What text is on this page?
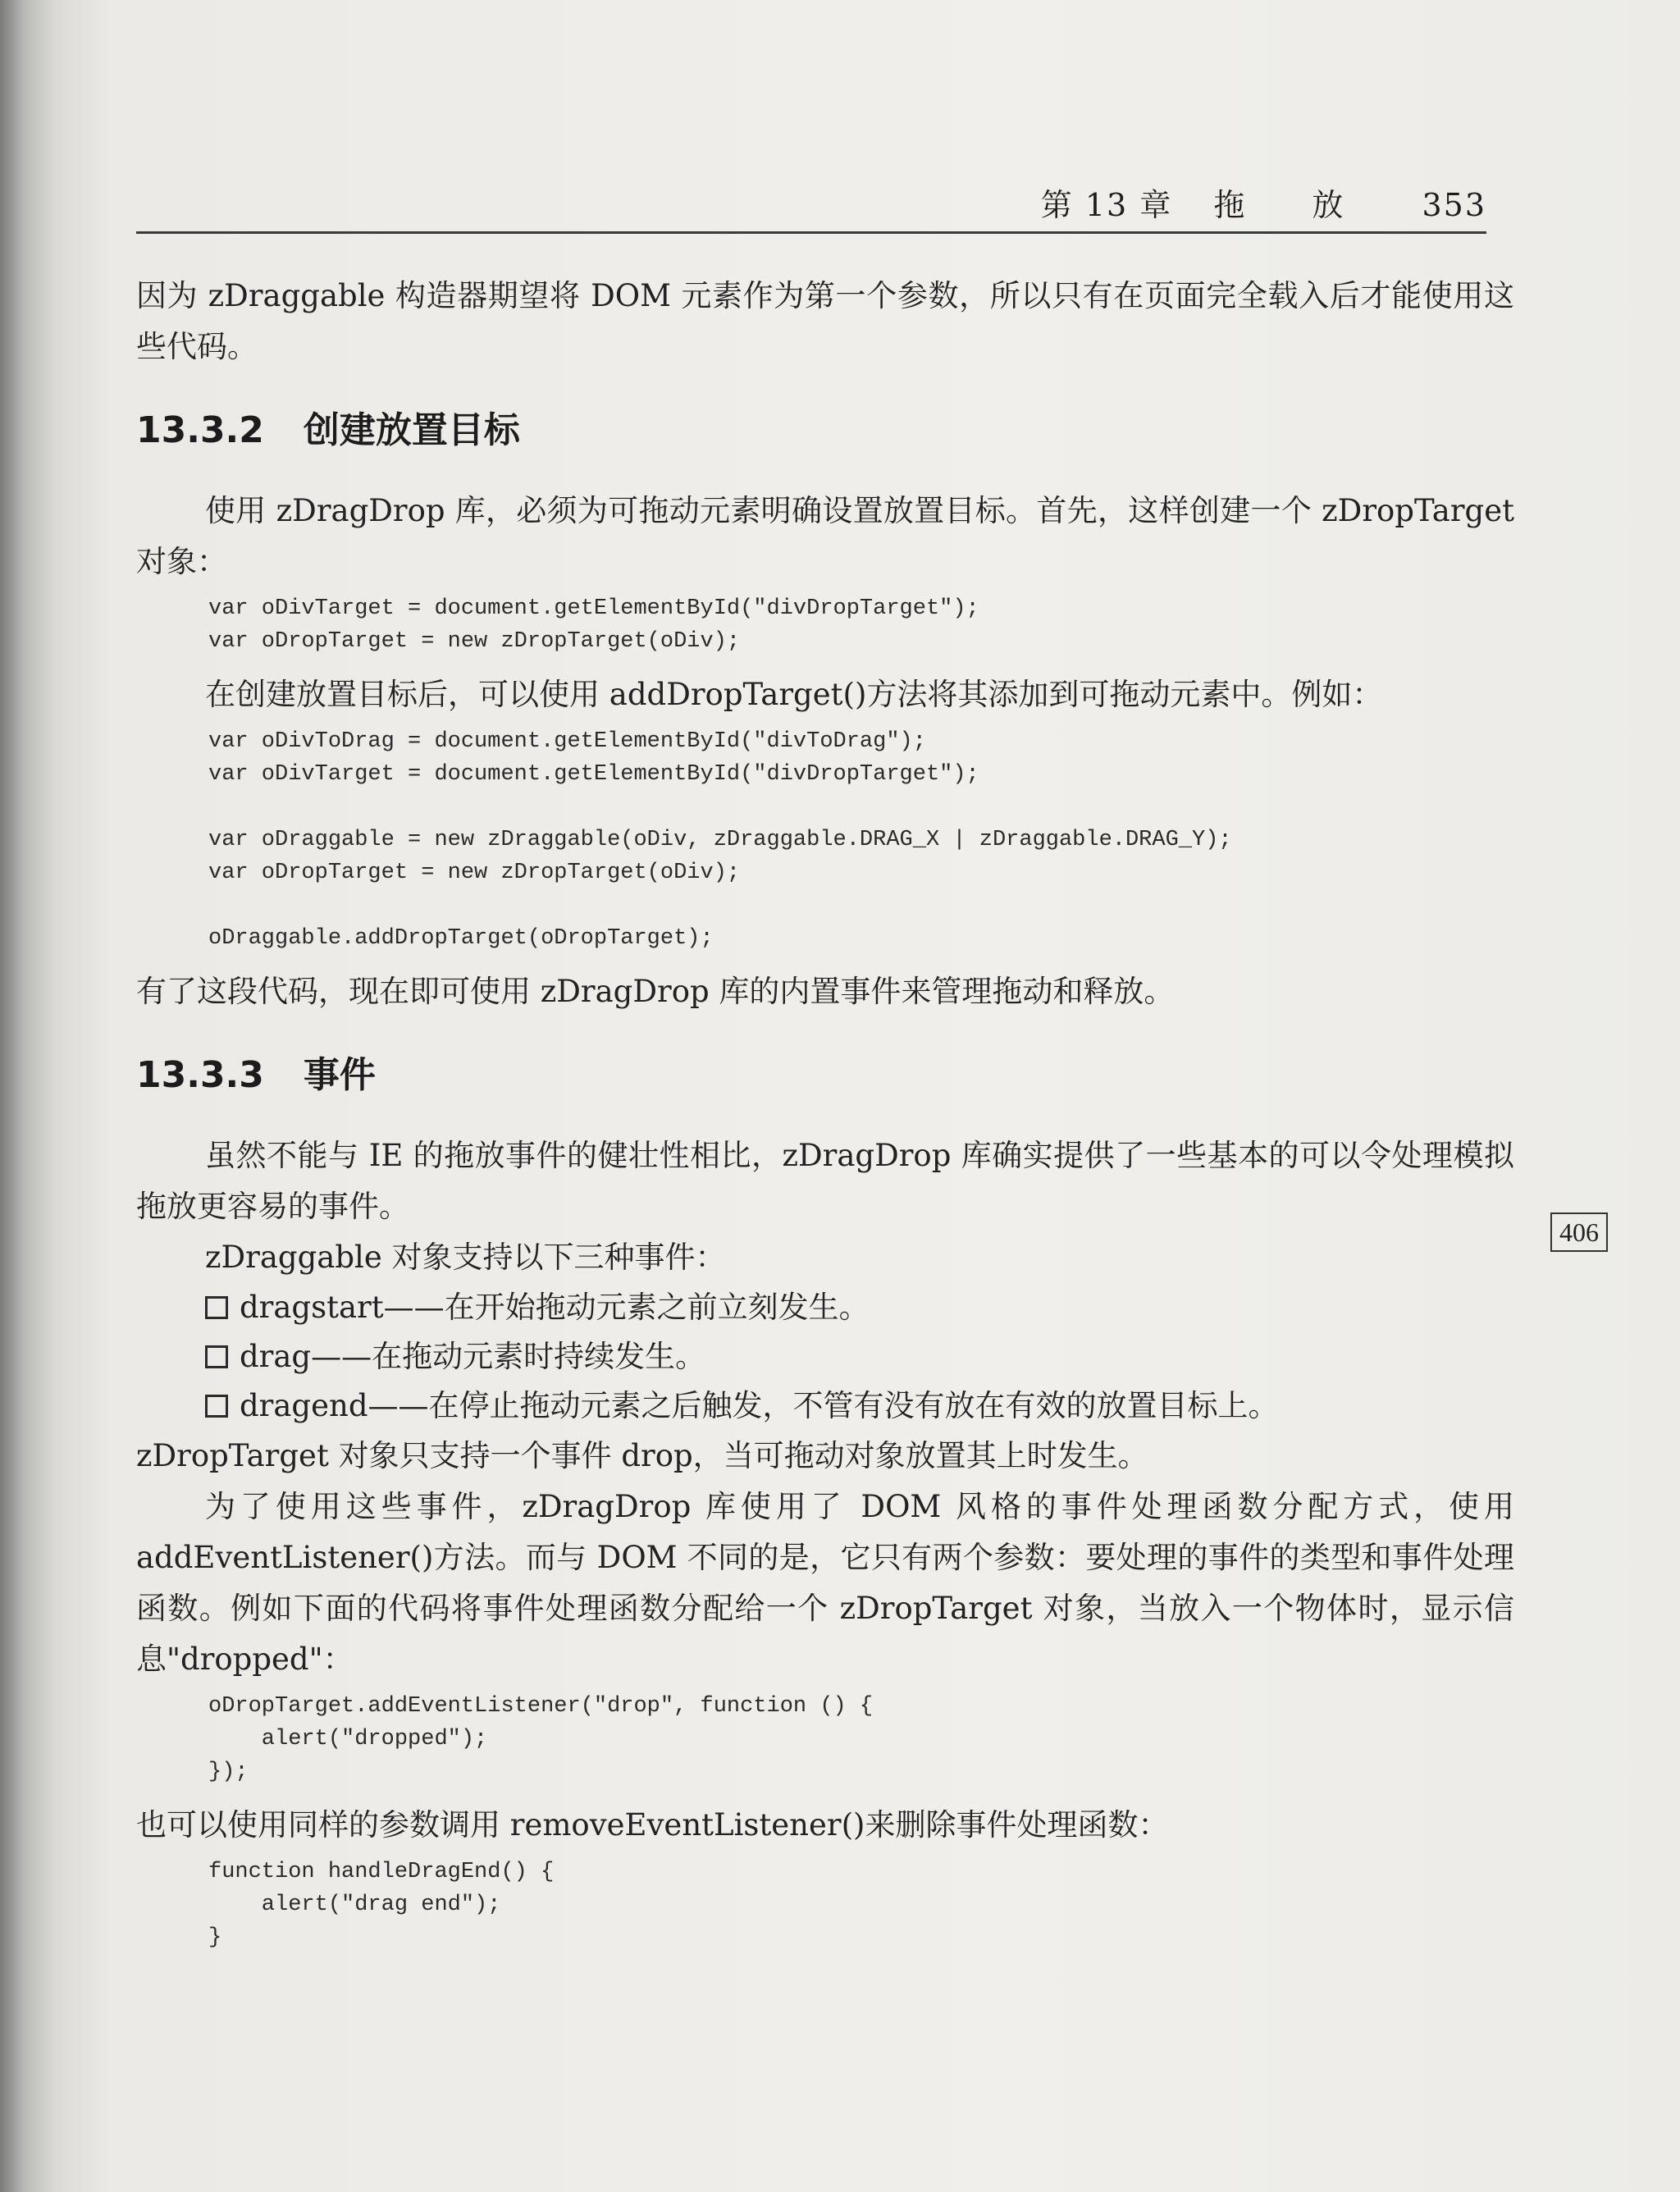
第 13 章 拖　　放 353
406

因为 zDraggable 构造器期望将 DOM 元素作为第一个参数，所以只有在页面完全载入后才能使用这些代码。

13.3.2 创建放置目标

使用 zDragDrop 库，必须为可拖动元素明确设置放置目标。首先，这样创建一个 zDropTarget 对象：

var oDivTarget = document.getElementById("divDropTarget");
var oDropTarget = new zDropTarget(oDiv);

在创建放置目标后，可以使用 addDropTarget()方法将其添加到可拖动元素中。例如：

var oDivToDrag = document.getElementById("divToDrag");
var oDivTarget = document.getElementById("divDropTarget");

var oDraggable = new zDraggable(oDiv, zDraggable.DRAG_X | zDraggable.DRAG_Y);
var oDropTarget = new zDropTarget(oDiv);

oDraggable.addDropTarget(oDropTarget);

有了这段代码，现在即可使用 zDragDrop 库的内置事件来管理拖动和释放。

13.3.3 事件

虽然不能与 IE 的拖放事件的健壮性相比，zDragDrop 库确实提供了一些基本的可以令处理模拟拖放更容易的事件。

zDraggable 对象支持以下三种事件：

dragstart——在开始拖动元素之前立刻发生。
drag——在拖动元素时持续发生。
dragend——在停止拖动元素之后触发，不管有没有放在有效的放置目标上。

zDropTarget 对象只支持一个事件 drop，当可拖动对象放置其上时发生。

为了使用这些事件，zDragDrop 库使用了 DOM 风格的事件处理函数分配方式，使用 addEventListener()方法。而与 DOM 不同的是，它只有两个参数：要处理的事件的类型和事件处理函数。例如下面的代码将事件处理函数分配给一个 zDropTarget 对象，当放入一个物体时，显示信息"dropped"：

oDropTarget.addEventListener("drop", function () {
alert("dropped");
});

也可以使用同样的参数调用 removeEventListener()来删除事件处理函数：

function handleDragEnd() {
alert("drag end");
}
